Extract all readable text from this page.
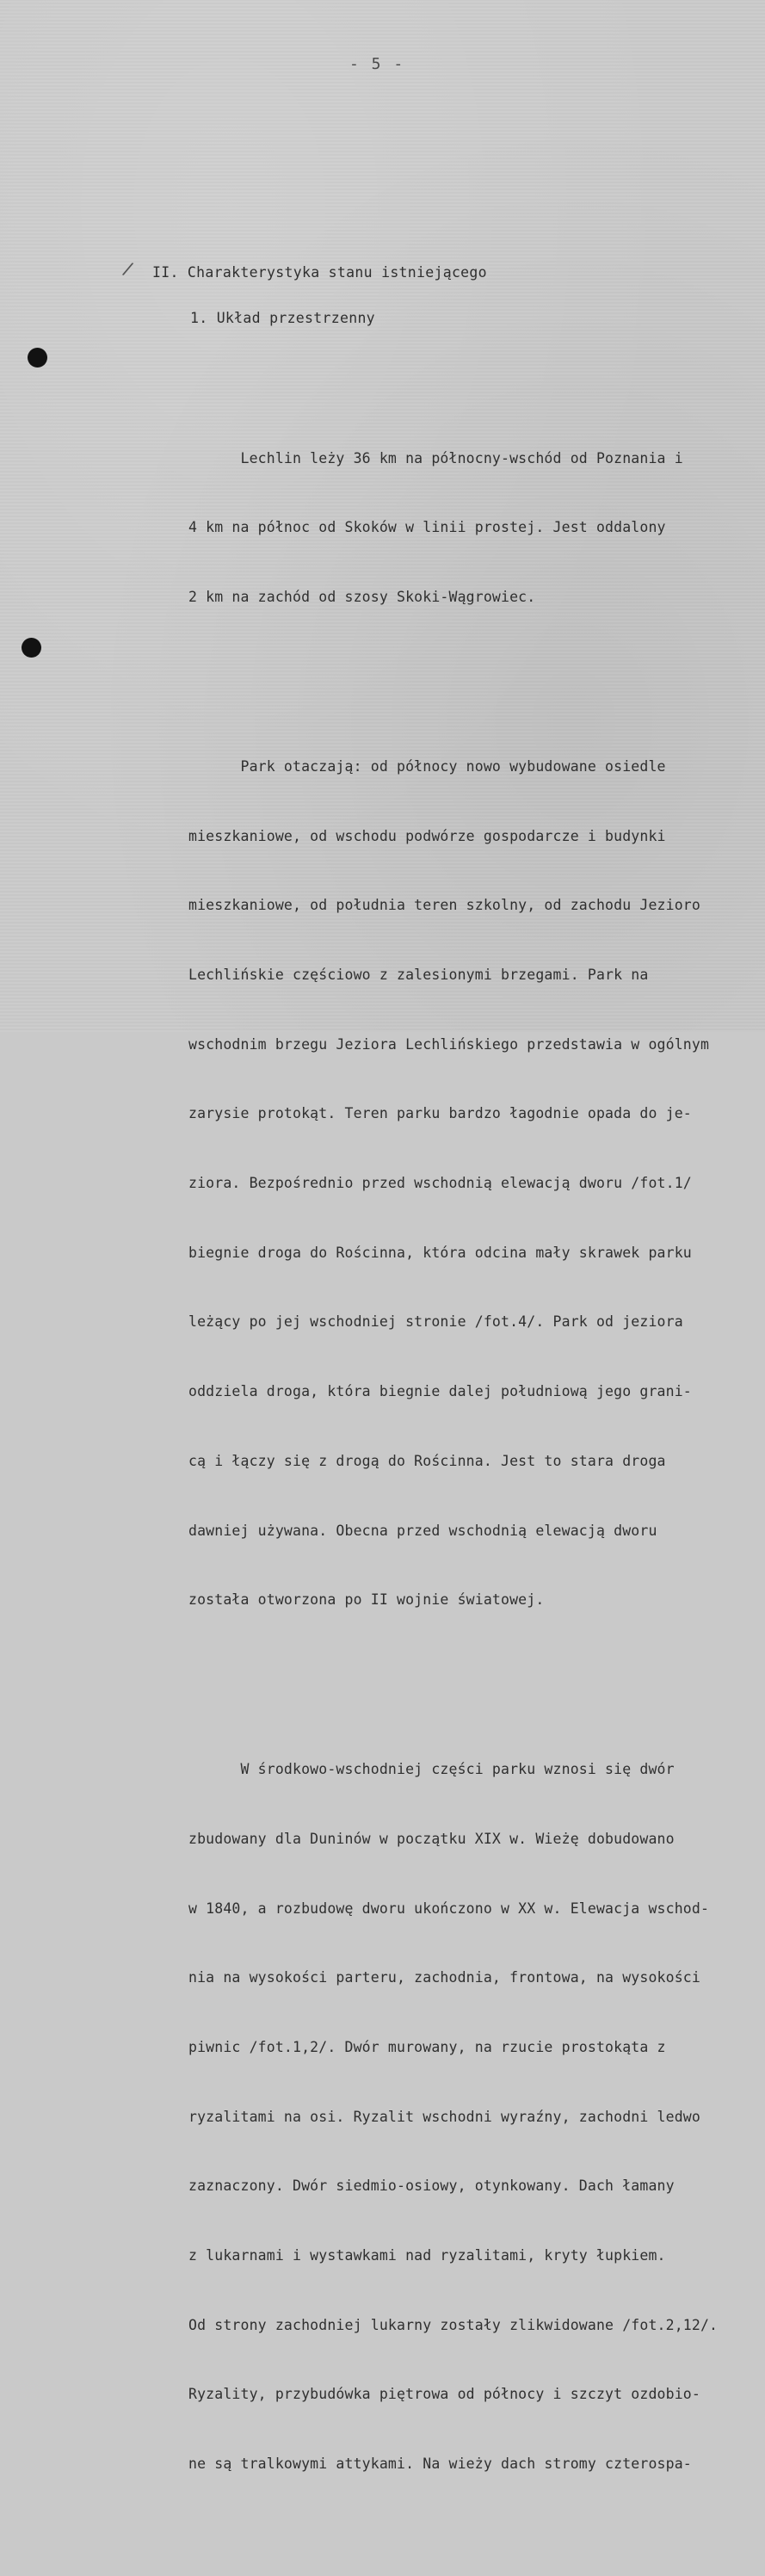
- 5 -
/ II. Charakterystyka stanu istniejącego
1. Układ przestrzenny

Lechlin leży 36 km na północny-wschód od Poznania i

4 km na północ od Skoków w linii prostej. Jest oddalony

2 km na zachód od szosy Skoki-Wągrowiec.

Park otaczają: od północy nowo wybudowane osiedle

mieszkaniowe, od wschodu podwórze gospodarcze i budynki

mieszkaniowe, od południa teren szkolny, od zachodu Jezioro

Lechlińskie częściowo z zalesionymi brzegami. Park na

wschodnim brzegu Jeziora Lechlińskiego przedstawia w ogólnym

zarysie protokąt. Teren parku bardzo łagodnie opada do je-

ziora. Bezpośrednio przed wschodnią elewacją dworu /fot.1/

biegnie droga do Rościnna, która odcina mały skrawek parku

leżący po jej wschodniej stronie /fot.4/. Park od jeziora

oddziela droga, która biegnie dalej południową jego grani-

cą i łączy się z drogą do Rościnna. Jest to stara droga

dawniej używana. Obecna przed wschodnią elewacją dworu

została otworzona po II wojnie światowej.

W środkowo-wschodniej części parku wznosi się dwór

zbudowany dla Duninów w początku XIX w. Wieżę dobudowano

w 1840, a rozbudowę dworu ukończono w XX w. Elewacja wschod-

nia na wysokości parteru, zachodnia, frontowa, na wysokości

piwnic /fot.1,2/. Dwór murowany, na rzucie prostokąta z

ryzalitami na osi. Ryzalit wschodni wyraźny, zachodni ledwo

zaznaczony. Dwór siedmio-osiowy, otynkowany. Dach łamany

z lukarnami i wystawkami nad ryzalitami, kryty łupkiem.

Od strony zachodniej lukarny zostały zlikwidowane /fot.2,12/.

Ryzality, przybudówka piętrowa od północy i szczyt ozdobio-

ne są tralkowymi attykami. Na wieży dach stromy czterospa-
